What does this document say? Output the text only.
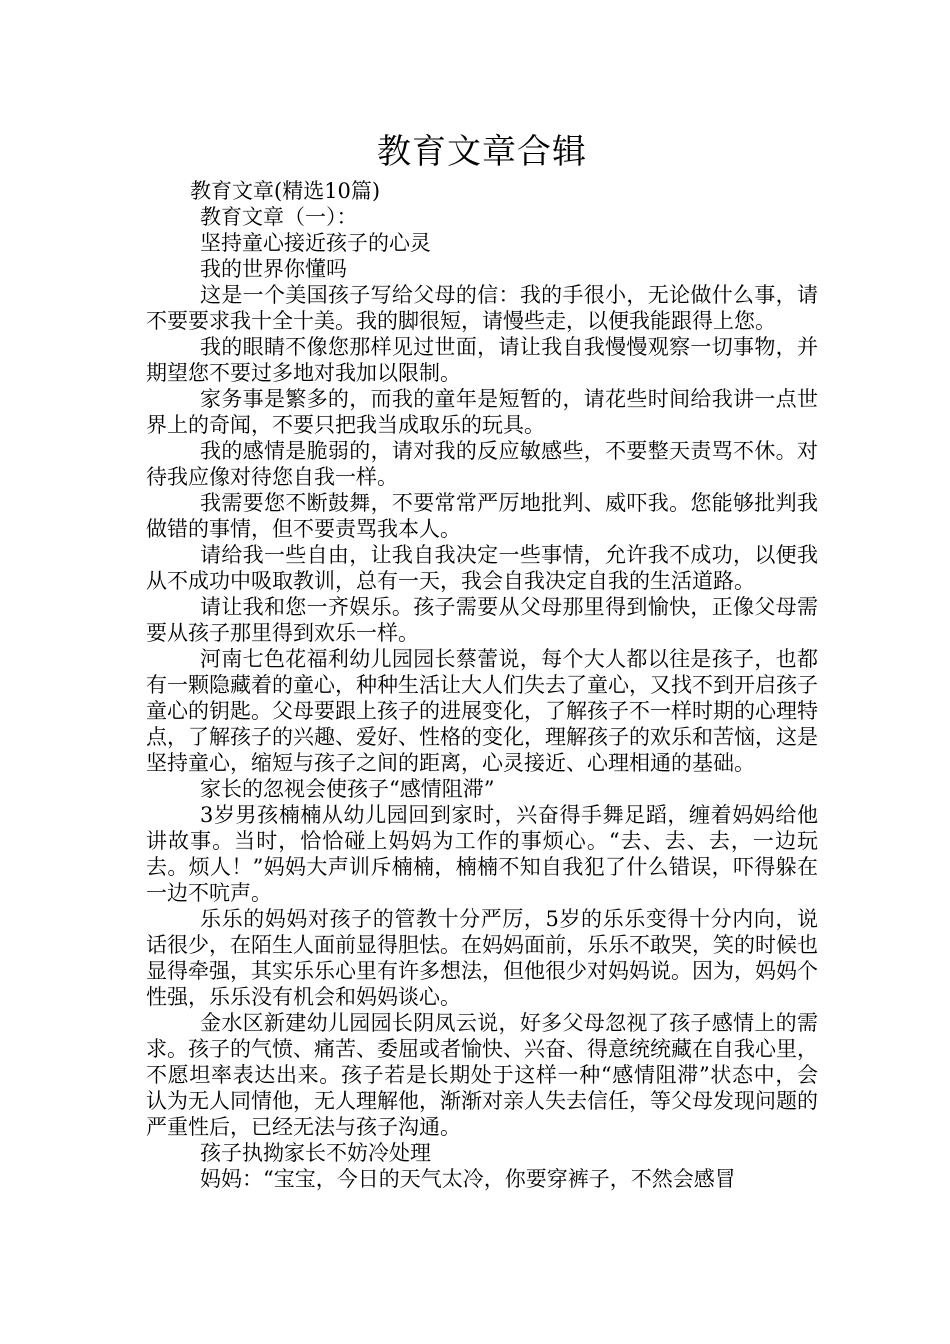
教育文章合辑

教育文章(精选10篇)

教育文章（一）：

坚持童心接近孩子的心灵

我的世界你懂吗

这是一个美国孩子写给父母的信：我的手很小，无论做什么事，请不要要求我十全十美。我的脚很短，请慢些走，以便我能跟得上您。

我的眼睛不像您那样见过世面，请让我自我慢慢观察一切事物，并期望您不要过多地对我加以限制。

家务事是繁多的，而我的童年是短暂的，请花些时间给我讲一点世界上的奇闻，不要只把我当成取乐的玩具。

我的感情是脆弱的，请对我的反应敏感些，不要整天责骂不休。对待我应像对待您自我一样。

我需要您不断鼓舞，不要常常严厉地批判、威吓我。您能够批判我做错的事情，但不要责骂我本人。

请给我一些自由，让我自我决定一些事情，允许我不成功，以便我从不成功中吸取教训，总有一天，我会自我决定自我的生活道路。

请让我和您一齐娱乐。孩子需要从父母那里得到愉快，正像父母需要从孩子那里得到欢乐一样。

河南七色花福利幼儿园园长蔡蕾说，每个大人都以往是孩子，也都有一颗隐藏着的童心，种种生活让大人们失去了童心，又找不到开启孩子童心的钥匙。父母要跟上孩子的进展变化，了解孩子不一样时期的心理特点，了解孩子的兴趣、爱好、性格的变化，理解孩子的欢乐和苦恼，这是坚持童心，缩短与孩子之间的距离，心灵接近、心理相通的基础。

家长的忽视会使孩子“感情阻滞”

3岁男孩楠楠从幼儿园回到家时，兴奋得手舞足蹈，缠着妈妈给他讲故事。当时，恰恰碰上妈妈为工作的事烦心。“去、去、去，一边玩去。烦人！”妈妈大声训斥楠楠，楠楠不知自我犯了什么错误，吓得躲在一边不吭声。

乐乐的妈妈对孩子的管教十分严厉，5岁的乐乐变得十分内向，说话很少，在陌生人面前显得胆怯。在妈妈面前，乐乐不敢哭，笑的时候也显得牵强，其实乐乐心里有许多想法，但他很少对妈妈说。因为，妈妈个性强，乐乐没有机会和妈妈谈心。

金水区新建幼儿园园长阴凤云说，好多父母忽视了孩子感情上的需求。孩子的气愤、痛苦、委屈或者愉快、兴奋、得意统统藏在自我心里，不愿坦率表达出来。孩子若是长期处于这样一种“感情阻滞”状态中，会认为无人同情他，无人理解他，渐渐对亲人失去信任，等父母发现问题的严重性后，已经无法与孩子沟通。

孩子执拗家长不妨冷处理

妈妈：“宝宝，今日的天气太冷，你要穿裤子，不然会感冒
